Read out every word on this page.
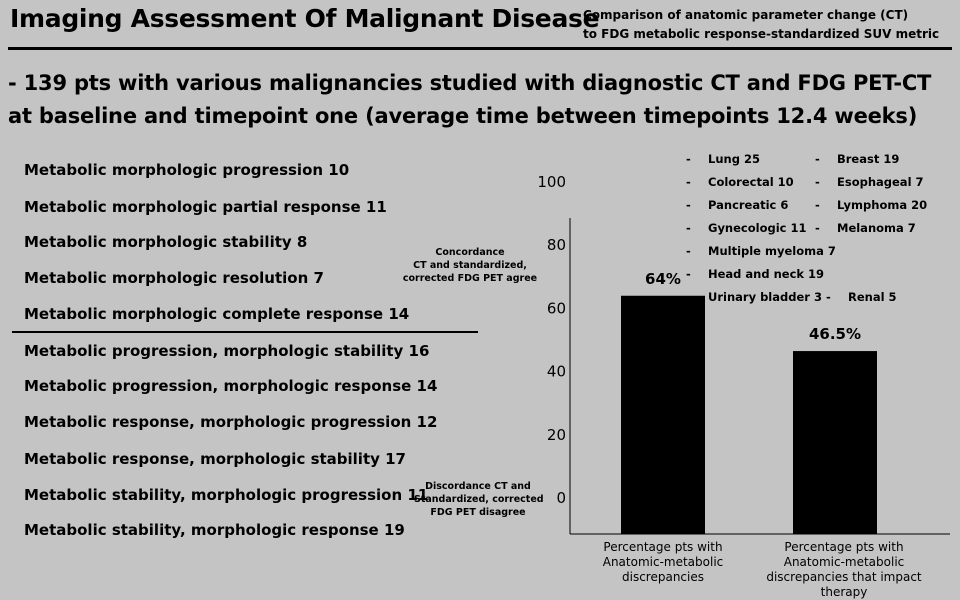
Imaging Assessment Of Malignant Disease
Comparison of anatomic parameter change (CT)
to FDG metabolic response-standardized SUV metric
- 139 pts with various malignancies studied with diagnostic CT and FDG PET-CT at baseline and timepoint one (average time between timepoints 12.4 weeks)
Metabolic morphologic progression 10
Metabolic morphologic partial response 11
Metabolic morphologic stability 8
Metabolic morphologic resolution 7
Metabolic morphologic complete response 14
Metabolic progression, morphologic stability 16
Metabolic progression, morphologic response 14
Metabolic response, morphologic progression 12
Metabolic response, morphologic stability 17
Metabolic stability, morphologic progression 11
Metabolic stability, morphologic response 19
Concordance
CT and standardized,
corrected FDG PET agree
Discordance CT and
Standardized, corrected
FDG PET disagree
- Lung 25	- Breast 19
- Colorectal 10 - Esophageal 7
- Pancreatic 6 - Lymphoma 20
- Gynecologic 11 - Melanoma 7
- Multiple myeloma 7
- Head and neck 19
Urinary bladder 3 - Renal 5
0
20
40
60
80
100
64%
46.5%
Percentage pts with
Anatomic-metabolic
discrepancies
Percentage pts with
Anatomic-metabolic
discrepancies that impact therapy
